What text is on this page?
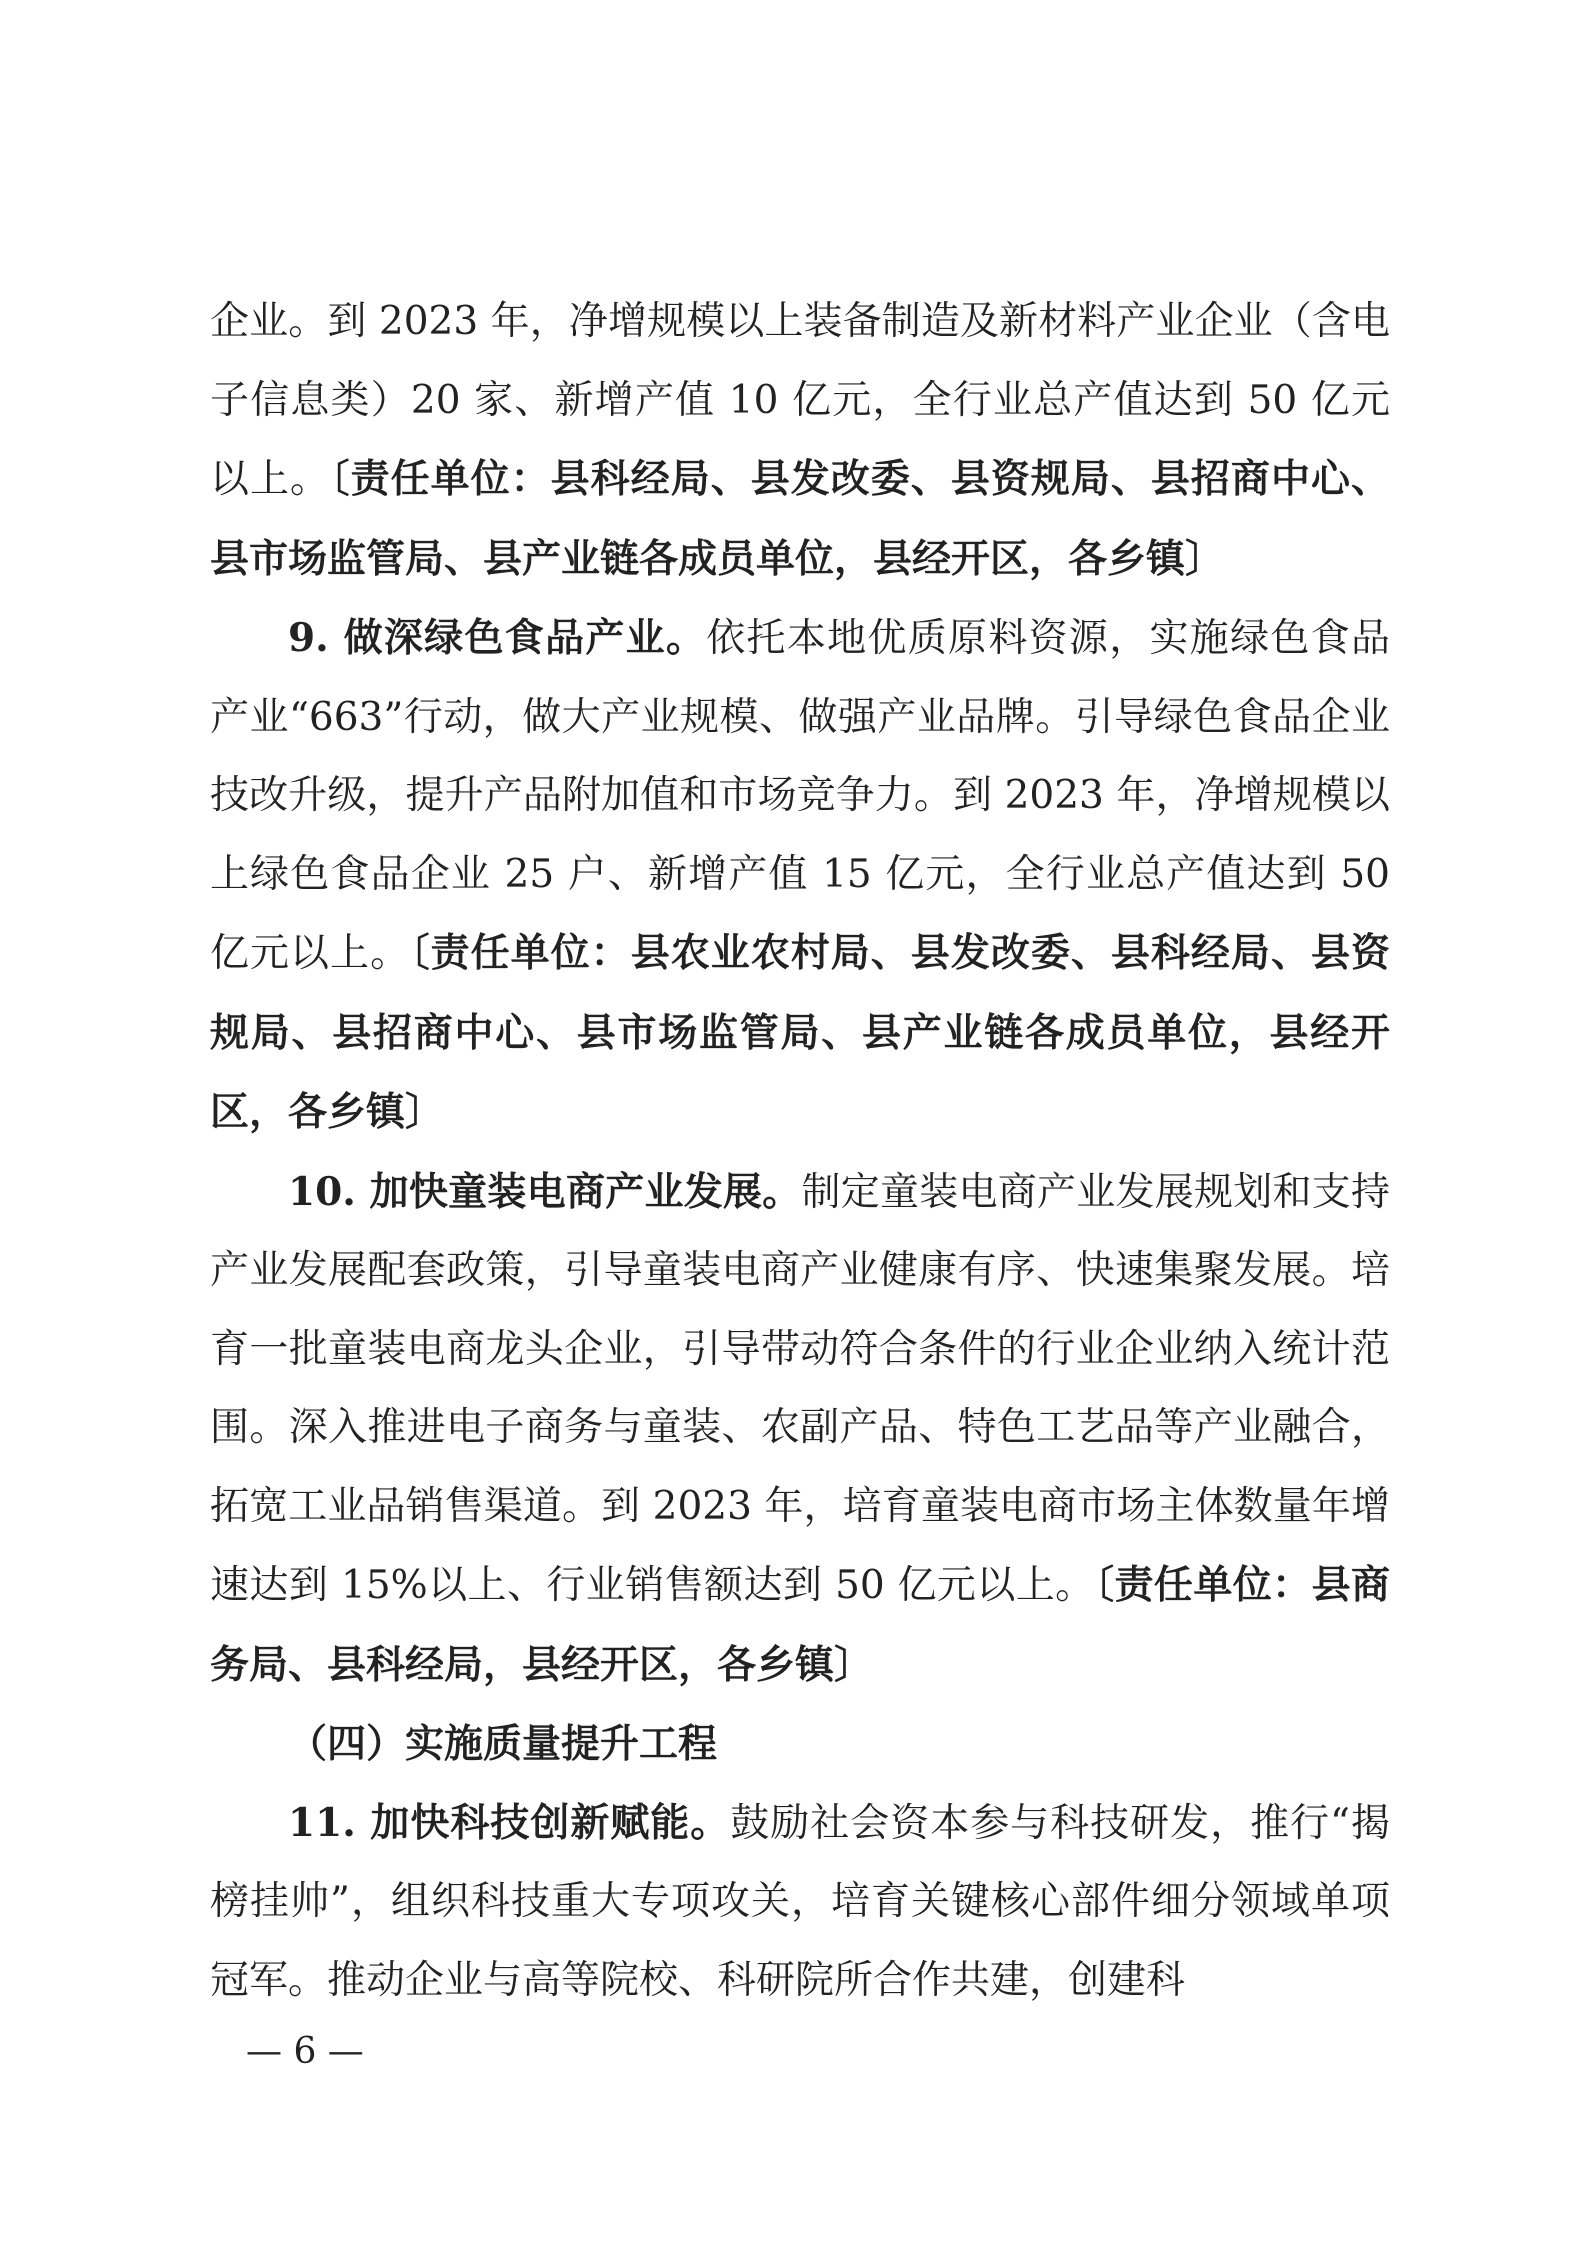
企业。到 2023 年，净增规模以上装备制造及新材料产业企业（含电子信息类）20 家、新增产值 10 亿元，全行业总产值达到 50 亿元以上。〔责任单位：县科经局、县发改委、县资规局、县招商中心、县市场监管局、县产业链各成员单位，县经开区，各乡镇〕

9. 做深绿色食品产业。依托本地优质原料资源，实施绿色食品产业“663”行动，做大产业规模、做强产业品牌。引导绿色食品企业技改升级，提升产品附加值和市场竞争力。到 2023 年，净增规模以上绿色食品企业 25 户、新增产值 15 亿元，全行业总产值达到 50 亿元以上。〔责任单位：县农业农村局、县发改委、县科经局、县资规局、县招商中心、县市场监管局、县产业链各成员单位，县经开区，各乡镇〕

10. 加快童装电商产业发展。制定童装电商产业发展规划和支持产业发展配套政策，引导童装电商产业健康有序、快速集聚发展。培育一批童装电商龙头企业，引导带动符合条件的行业企业纳入统计范围。深入推进电子商务与童装、农副产品、特色工艺品等产业融合，拓宽工业品销售渠道。到 2023 年，培育童装电商市场主体数量年增速达到 15%以上、行业销售额达到 50 亿元以上。〔责任单位：县商务局、县科经局，县经开区，各乡镇〕

（四）实施质量提升工程

11. 加快科技创新赋能。鼓励社会资本参与科技研发，推行“揭榜挂帅”，组织科技重大专项攻关，培育关键核心部件细分领域单项冠军。推动企业与高等院校、科研院所合作共建，创建科

— 6 —
